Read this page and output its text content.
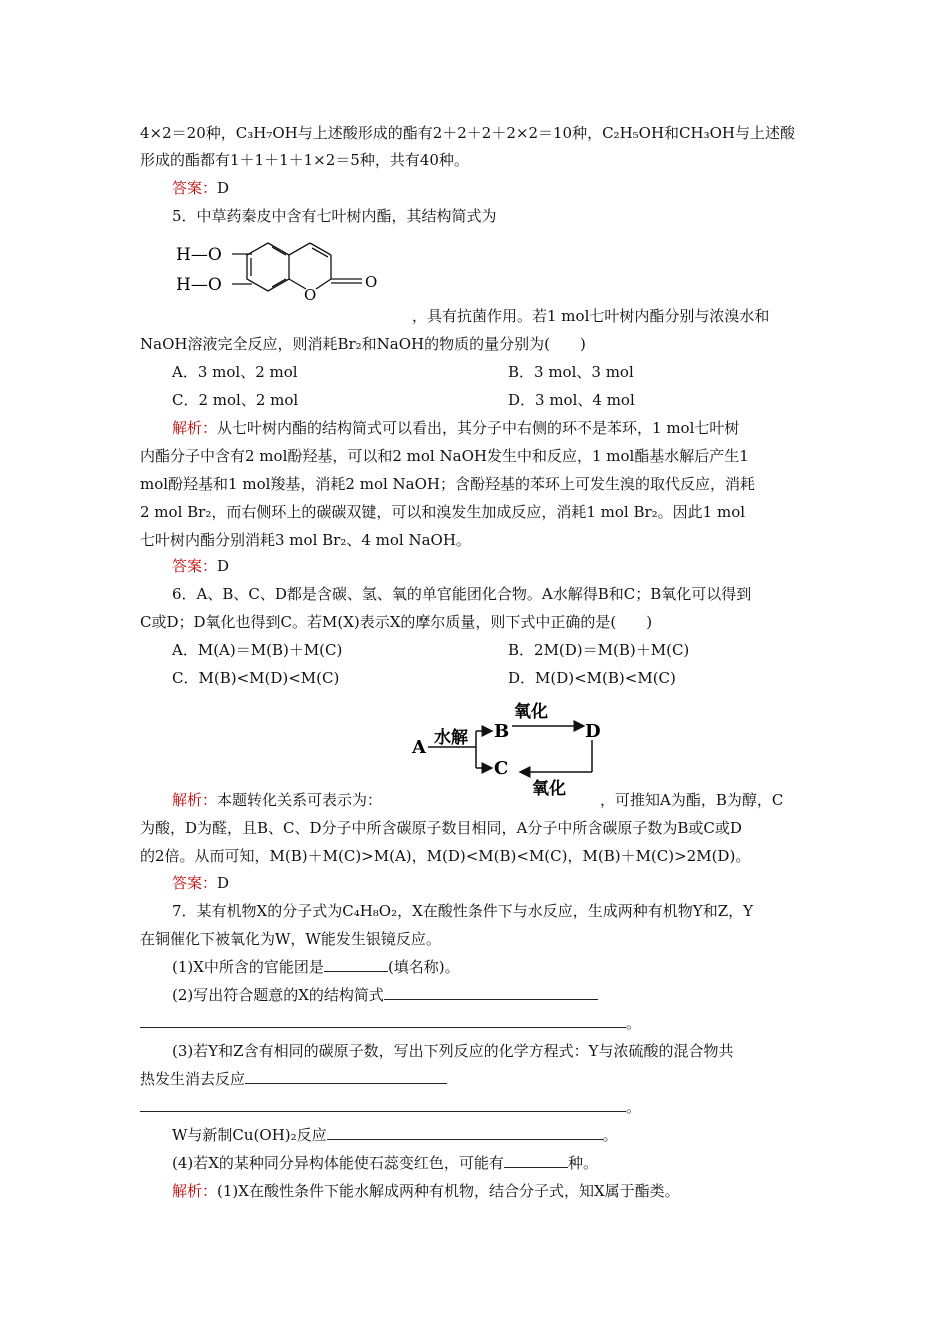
4×2＝20种，C₃H₇OH与上述酸形成的酯有2＋2＋2＋2×2＝10种，C₂H₅OH和CH₃OH与上述酸
形成的酯都有1＋1＋1＋1×2＝5种，共有40种。
答案：D
5．中草药秦皮中含有七叶树内酯，其结构简式为
H—O
H—O	O
O
，具有抗菌作用。若1 mol七叶树内酯分别与浓溴水和
NaOH溶液完全反应，则消耗Br₂和NaOH的物质的量分别为(　　)
A．3 mol、2 mol	B．3 mol、3 mol
C．2 mol、2 mol	D．3 mol、4 mol
解析：从七叶树内酯的结构简式可以看出，其分子中右侧的环不是苯环，1 mol七叶树
内酯分子中含有2 mol酚羟基，可以和2 mol NaOH发生中和反应，1 mol酯基水解后产生1
mol酚羟基和1 mol羧基，消耗2 mol NaOH；含酚羟基的苯环上可发生溴的取代反应，消耗
2 mol Br₂，而右侧环上的碳碳双键，可以和溴发生加成反应，消耗1 mol Br₂。因此1 mol
七叶树内酯分别消耗3 mol Br₂、4 mol NaOH。
答案：D
6．A、B、C、D都是含碳、氢、氧的单官能团化合物。A水解得B和C；B氧化可以得到
C或D；D氧化也得到C。若M(X)表示X的摩尔质量，则下式中正确的是(　　)
A．M(A)＝M(B)＋M(C)	B．2M(D)＝M(B)＋M(C)
C．M(B)<M(D)<M(C)	D．M(D)<M(B)<M(C)
A 水解 B
C
D
氧化
氧化
解析：本题转化关系可表示为：	，可推知A为酯，B为醇，C
为酸，D为醛，且B、C、D分子中所含碳原子数目相同，A分子中所含碳原子数为B或C或D
的2倍。从而可知，M(B)＋M(C)>M(A)，M(D)<M(B)<M(C)，M(B)＋M(C)>2M(D)。
答案：D
7．某有机物X的分子式为C₄H₈O₂，X在酸性条件下与水反应，生成两种有机物Y和Z，Y
在铜催化下被氧化为W，W能发生银镜反应。
(1)X中所含的官能团是	(填名称)。
(2)写出符合题意的X的结构简式
。
(3)若Y和Z含有相同的碳原子数，写出下列反应的化学方程式：Y与浓硫酸的混合物共
热发生消去反应
。
W与新制Cu(OH)₂反应	。
(4)若X的某种同分异构体能使石蕊变红色，可能有	种。
解析：(1)X在酸性条件下能水解成两种有机物，结合分子式，知X属于酯类。
